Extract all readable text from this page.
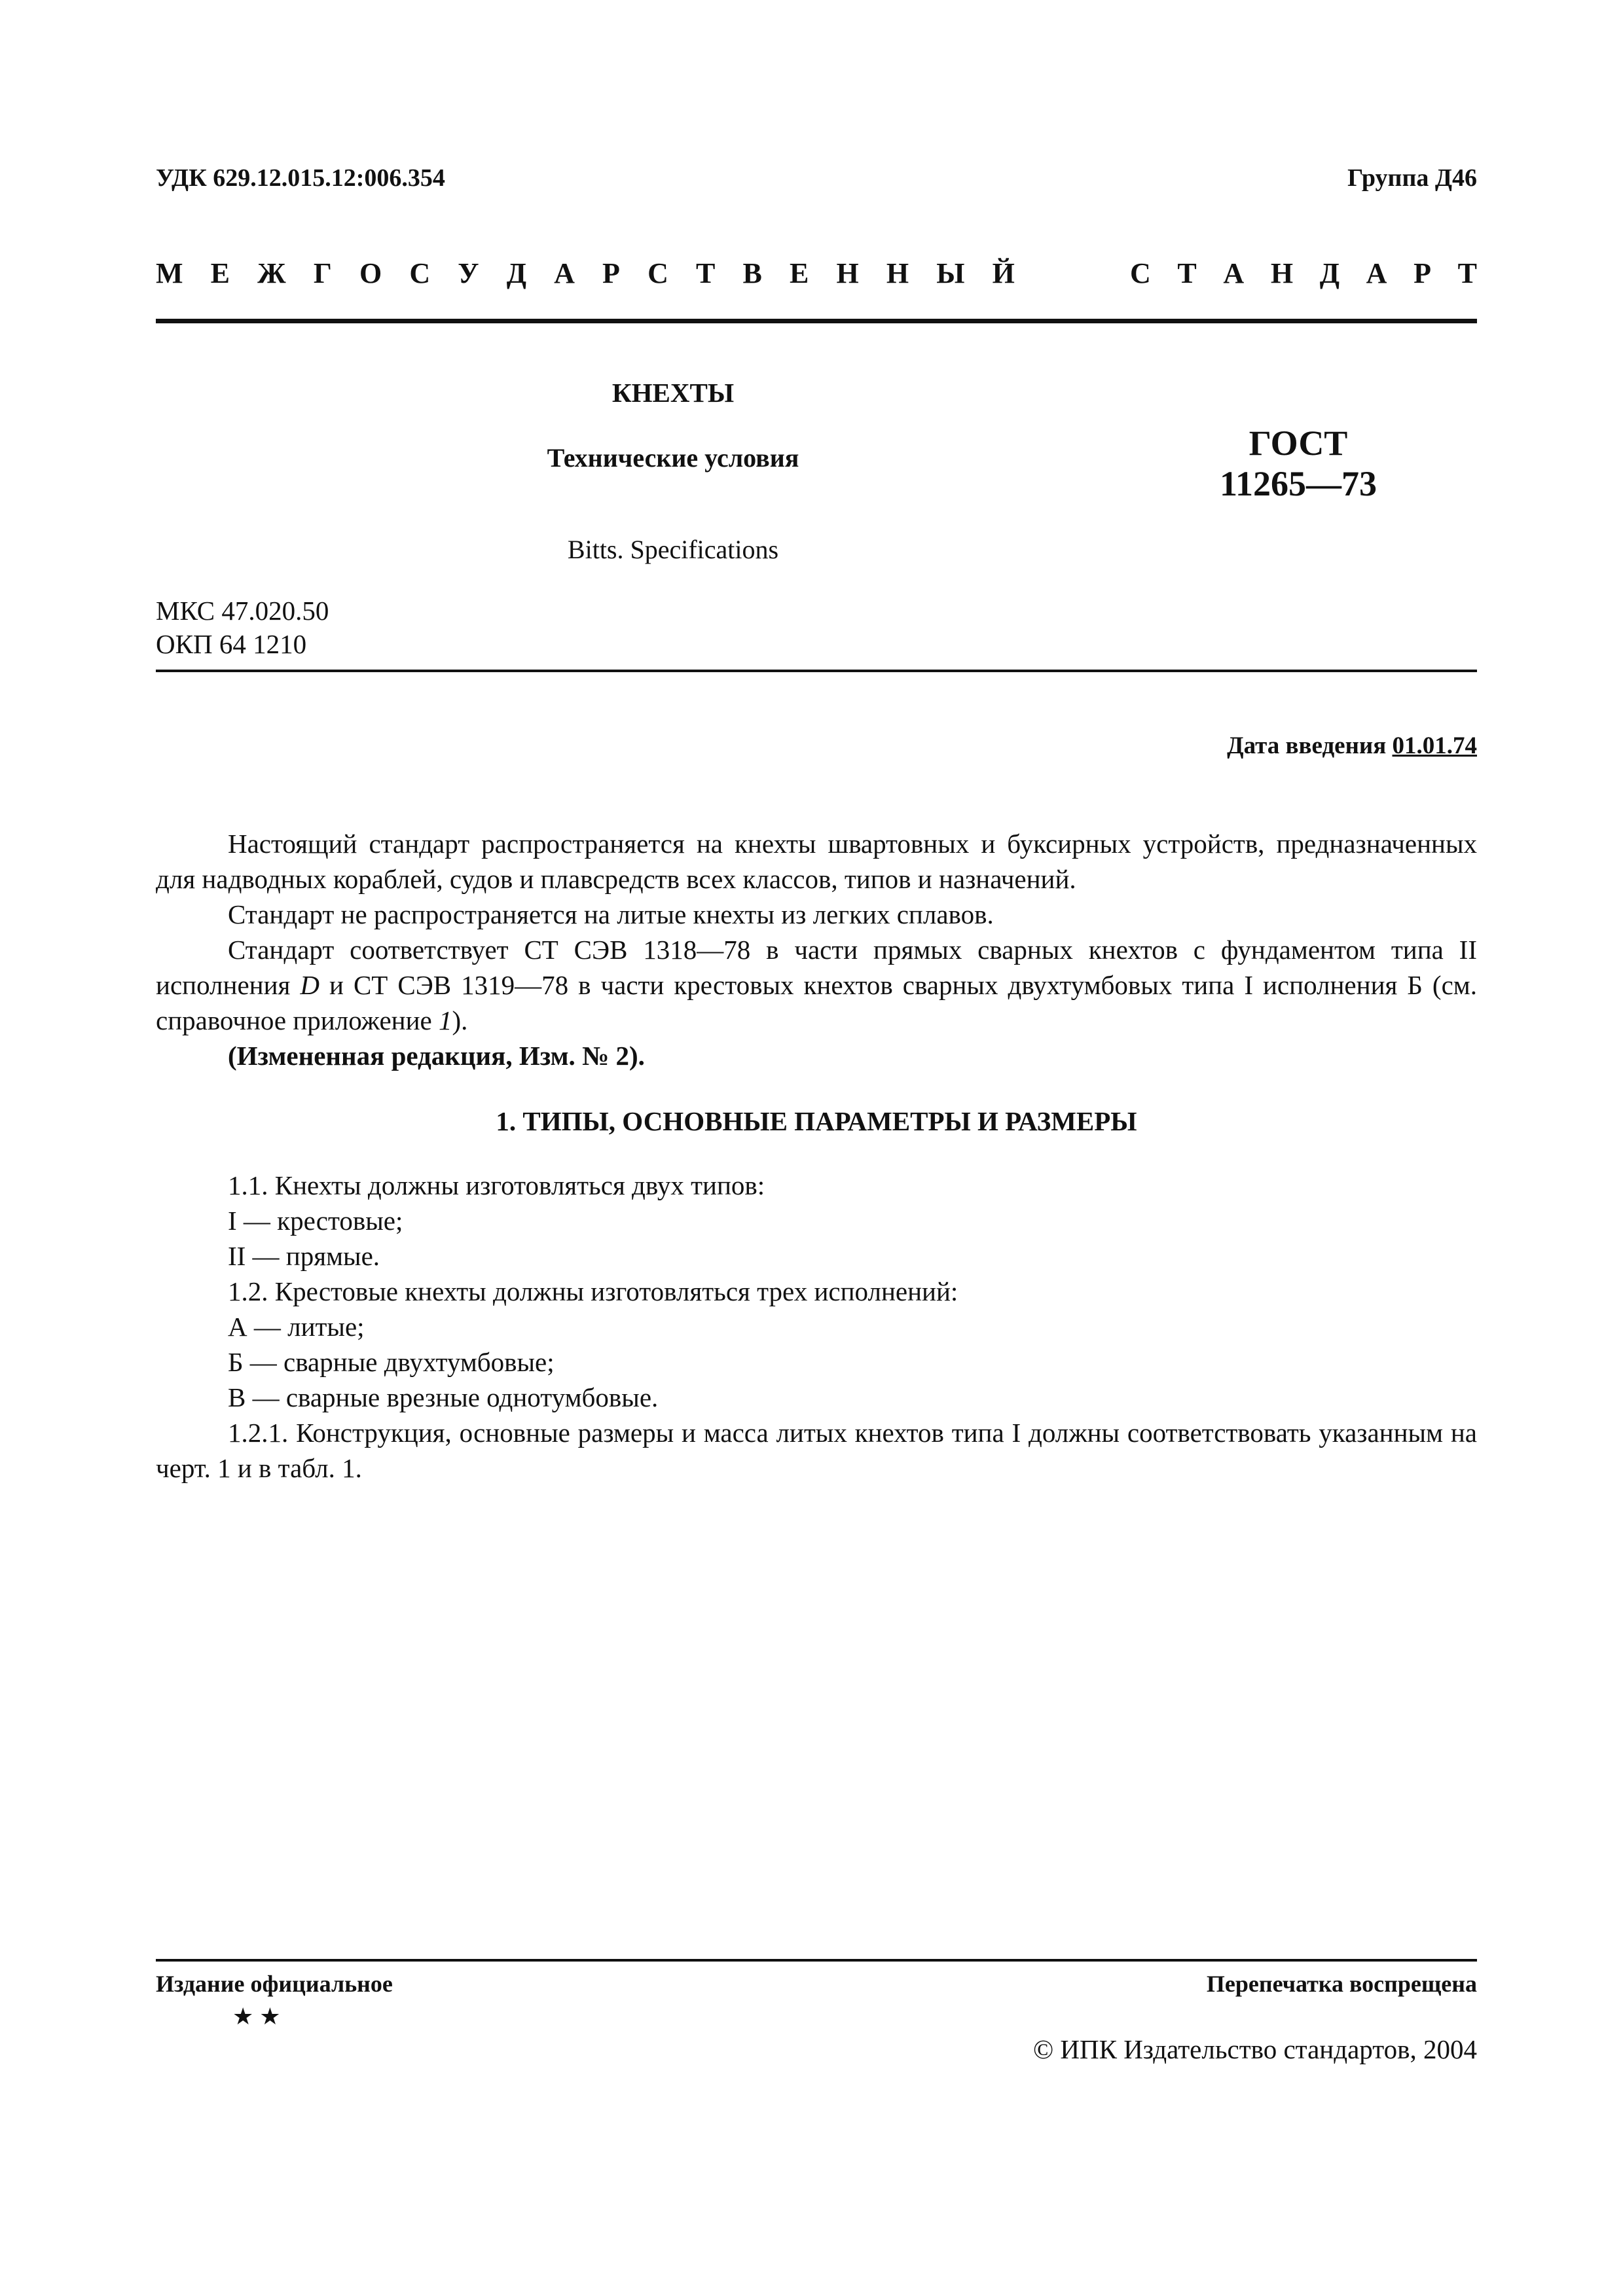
УДК 629.12.015.12:006.354	Группа Д46
М Е Ж Г О С У Д А Р С Т В Е Н Н Ы Й	С Т А Н Д А Р Т
КНЕХТЫ
Технические условия
Bitts. Specifications
ГОСТ
11265—73
МКС 47.020.50
ОКП 64 1210
Дата введения 01.01.74

Настоящий стандарт распространяется на кнехты швартовных и буксирных устройств, предназначенных для надводных кораблей, судов и плавсредств всех классов, типов и назначений.

Стандарт не распространяется на литые кнехты из легких сплавов.

Стандарт соответствует СТ СЭВ 1318—78 в части прямых сварных кнехтов с фундаментом типа II исполнения D и СТ СЭВ 1319—78 в части крестовых кнехтов сварных двухтумбовых типа I исполнения Б (см. справочное приложение 1).

(Измененная редакция, Изм. № 2).

1. ТИПЫ, ОСНОВНЫЕ ПАРАМЕТРЫ И РАЗМЕРЫ

1.1. Кнехты должны изготовляться двух типов:

I — крестовые;

II — прямые.

1.2. Крестовые кнехты должны изготовляться трех исполнений:

А — литые;

Б — сварные двухтумбовые;

В — сварные врезные однотумбовые.

1.2.1. Конструкция, основные размеры и масса литых кнехтов типа I должны соответствовать указанным на черт. 1 и в табл. 1.

Издание официальное
★ ★
Перепечатка воспрещена
© ИПК Издательство стандартов, 2004
